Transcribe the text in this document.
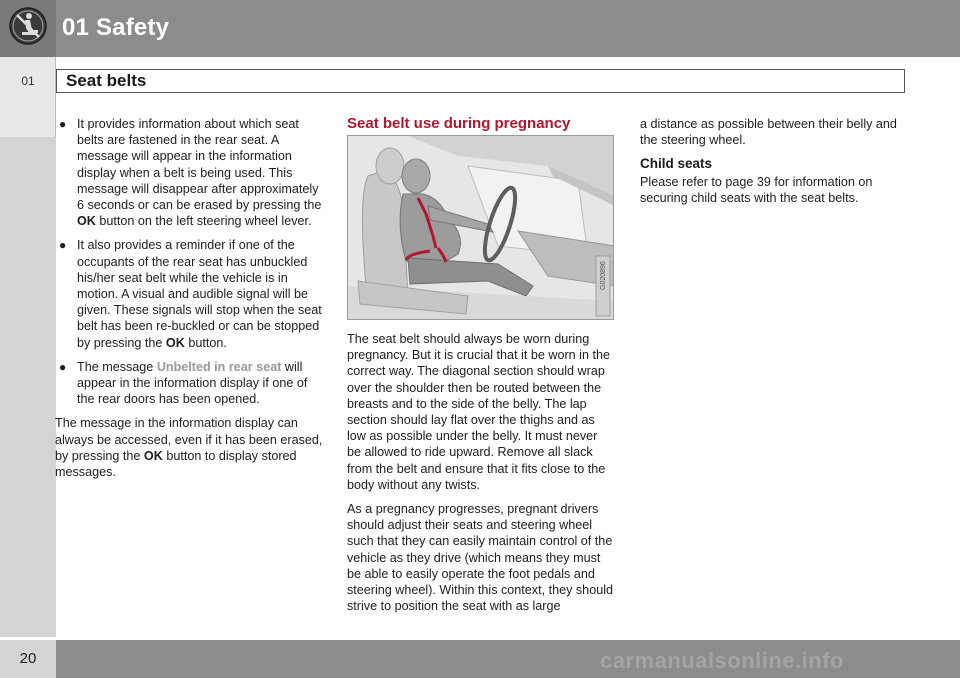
01 Safety
01	Seat belts
● It provides information about which seat belts are fastened in the rear seat. A message will appear in the information display when a belt is being used. This message will disappear after approximately 6 seconds or can be erased by pressing the OK button on the left steering wheel lever.
● It also provides a reminder if one of the occupants of the rear seat has unbuckled his/her seat belt while the vehicle is in motion. A visual and audible signal will be given. These signals will stop when the seat belt has been re-buckled or can be stopped by pressing the OK button.
● The message Unbelted in rear seat will appear in the information display if one of the rear doors has been opened.
The message in the information display can always be accessed, even if it has been erased, by pressing the OK button to display stored messages.
Seat belt use during pregnancy
G020896

The seat belt should always be worn during pregnancy. But it is crucial that it be worn in the correct way. The diagonal section should wrap over the shoulder then be routed between the breasts and to the side of the belly. The lap section should lay flat over the thighs and as low as possible under the belly. It must never be allowed to ride upward. Remove all slack from the belt and ensure that it fits close to the body without any twists.

As a pregnancy progresses, pregnant drivers should adjust their seats and steering wheel such that they can easily maintain control of the vehicle as they drive (which means they must be able to easily operate the foot pedals and steering wheel). Within this context, they should strive to position the seat with as large

a distance as possible between their belly and the steering wheel.

Child seats

Please refer to page 39 for information on securing child seats with the seat belts.

20	carmanualsonline.info
